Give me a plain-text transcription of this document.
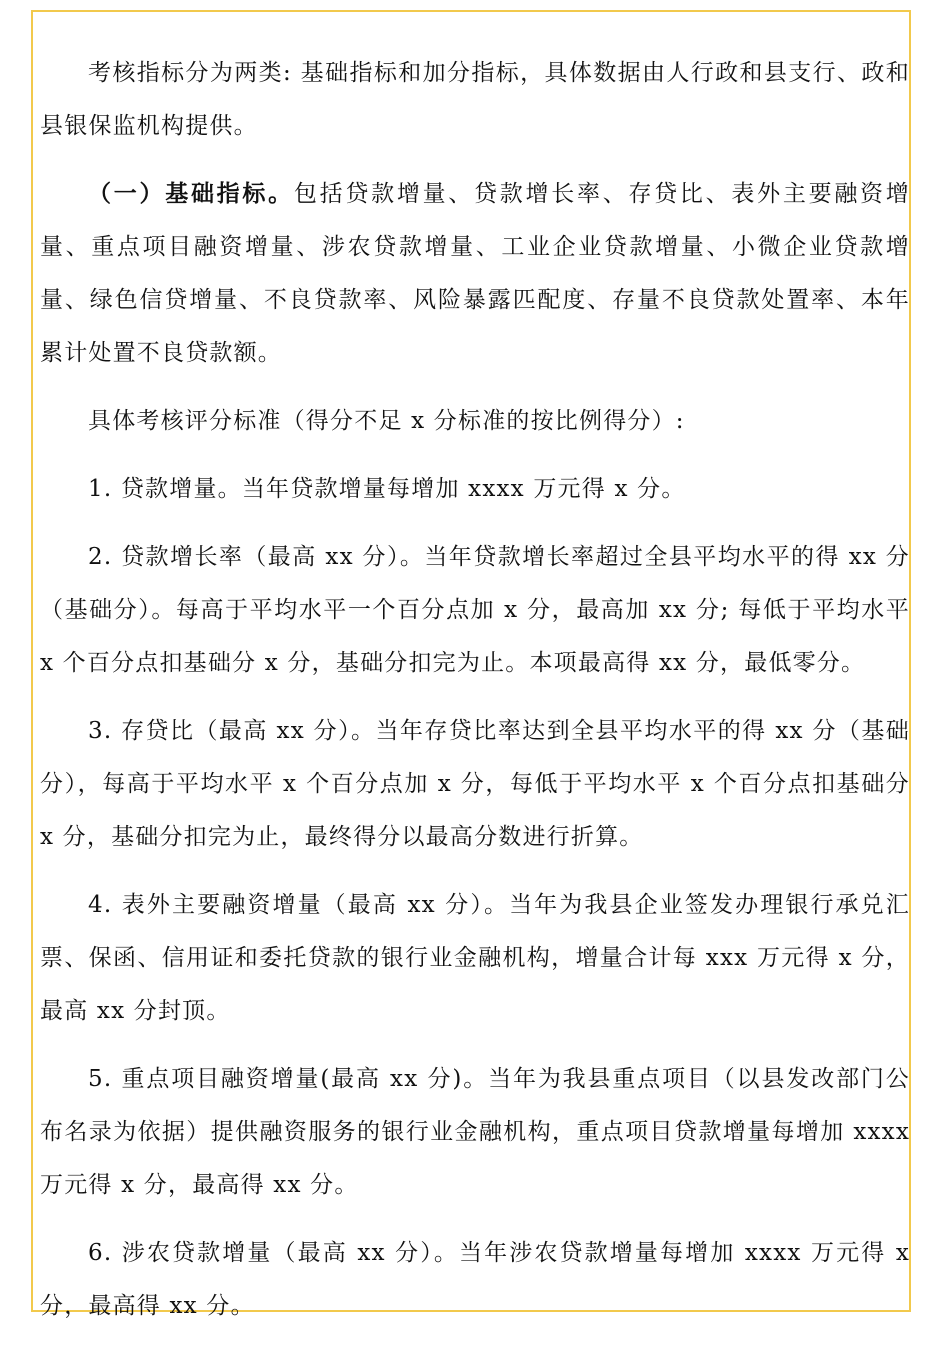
考核指标分为两类: 基础指标和加分指标，具体数据由人行政和县支行、政和县银保监机构提供。

（一）基础指标。包括贷款增量、贷款增长率、存贷比、表外主要融资增量、重点项目融资增量、涉农贷款增量、工业企业贷款增量、小微企业贷款增量、绿色信贷增量、不良贷款率、风险暴露匹配度、存量不良贷款处置率、本年累计处置不良贷款额。

具体考核评分标准（得分不足 x 分标准的按比例得分）:

1. 贷款增量。当年贷款增量每增加 xxxx 万元得 x 分。

2. 贷款增长率（最高 xx 分）。当年贷款增长率超过全县平均水平的得 xx 分（基础分）。每高于平均水平一个百分点加 x 分，最高加 xx 分; 每低于平均水平 x 个百分点扣基础分 x 分，基础分扣完为止。本项最高得 xx 分，最低零分。

3. 存贷比（最高 xx 分）。当年存贷比率达到全县平均水平的得 xx 分（基础分），每高于平均水平 x 个百分点加 x 分，每低于平均水平 x 个百分点扣基础分 x 分，基础分扣完为止，最终得分以最高分数进行折算。

4. 表外主要融资增量（最高 xx 分）。当年为我县企业签发办理银行承兑汇票、保函、信用证和委托贷款的银行业金融机构，增量合计每 xxx 万元得 x 分，最高 xx 分封顶。

5. 重点项目融资增量(最高 xx 分)。当年为我县重点项目（以县发改部门公布名录为依据）提供融资服务的银行业金融机构，重点项目贷款增量每增加 xxxx 万元得 x 分，最高得 xx 分。

6. 涉农贷款增量（最高 xx 分）。当年涉农贷款增量每增加 xxxx 万元得 x 分，最高得 xx 分。
